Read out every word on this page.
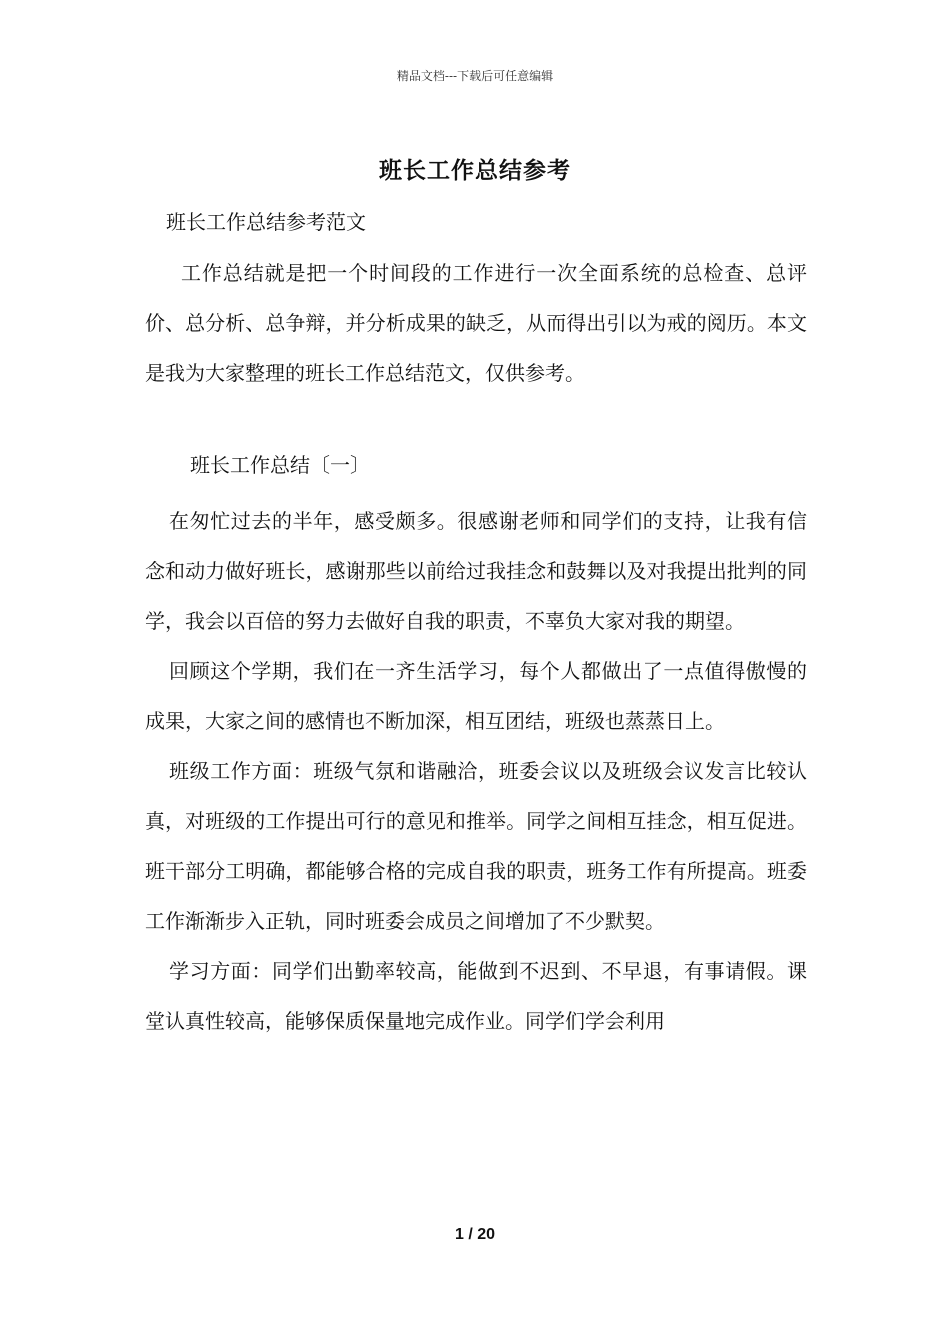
精品文档---下载后可任意编辑
班长工作总结参考
班长工作总结参考范文
工作总结就是把一个时间段的工作进行一次全面系统的总检查、总评价、总分析、总争辩，并分析成果的缺乏，从而得出引以为戒的阅历。本文是我为大家整理的班长工作总结范文，仅供参考。
班长工作总结〔一〕

在匆忙过去的半年，感受颇多。很感谢老师和同学们的支持，让我有信念和动力做好班长，感谢那些以前给过我挂念和鼓舞以及对我提出批判的同学，我会以百倍的努力去做好自我的职责，不辜负大家对我的期望。

回顾这个学期，我们在一齐生活学习，每个人都做出了一点值得傲慢的成果，大家之间的感情也不断加深，相互团结，班级也蒸蒸日上。

班级工作方面：班级气氛和谐融洽，班委会议以及班级会议发言比较认真，对班级的工作提出可行的意见和推举。同学之间相互挂念，相互促进。班干部分工明确，都能够合格的完成自我的职责，班务工作有所提高。班委工作渐渐步入正轨，同时班委会成员之间增加了不少默契。

学习方面：同学们出勤率较高，能做到不迟到、不早退，有事请假。课堂认真性较高，能够保质保量地完成作业。同学们学会利用

1 / 20
